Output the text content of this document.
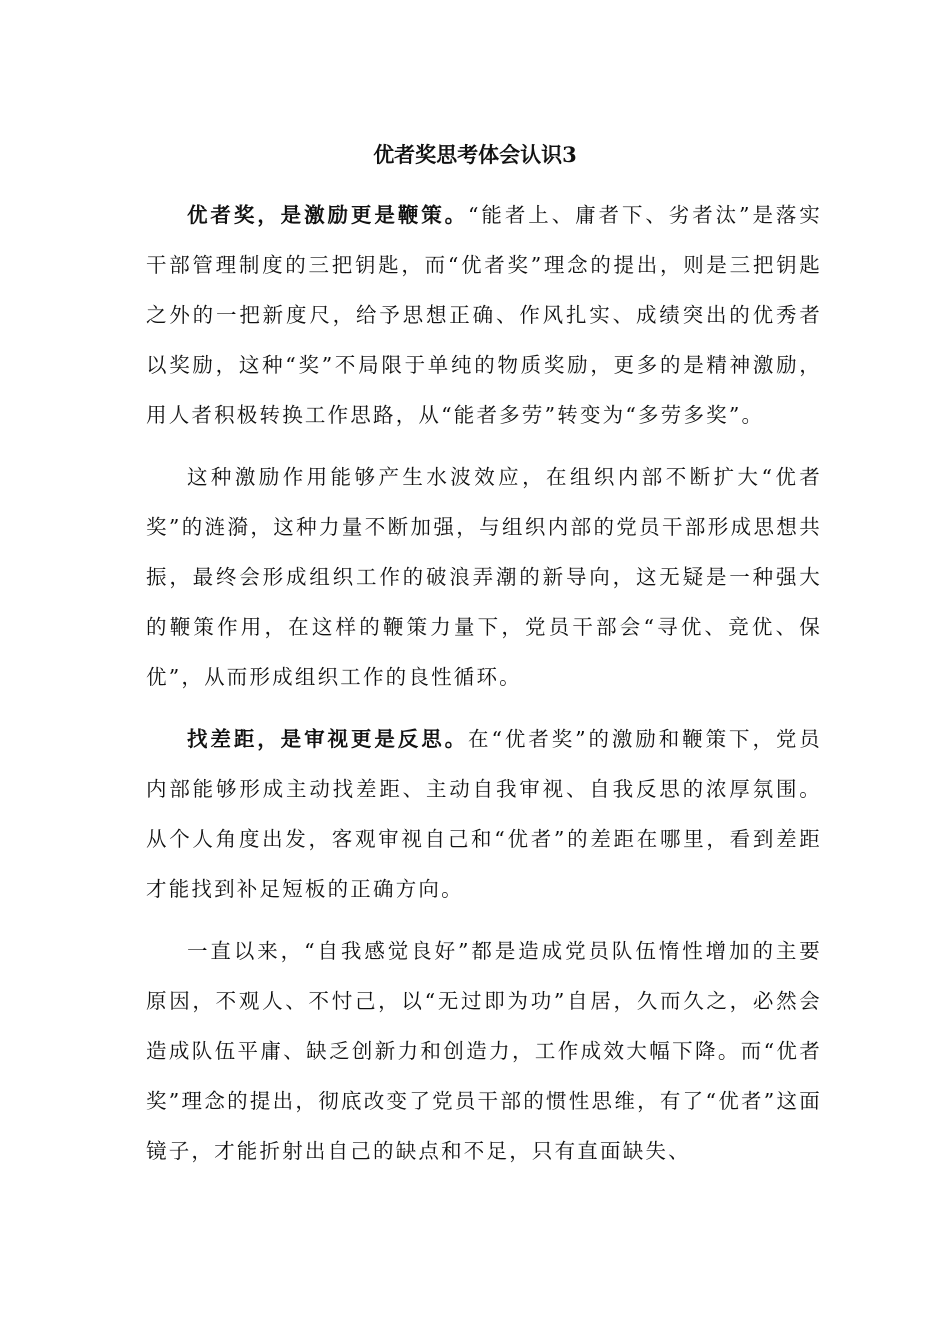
优者奖思考体会认识3

优者奖，是激励更是鞭策。“能者上、庸者下、劣者汰”是落实干部管理制度的三把钥匙，而“优者奖”理念的提出，则是三把钥匙之外的一把新度尺，给予思想正确、作风扎实、成绩突出的优秀者以奖励，这种“奖”不局限于单纯的物质奖励，更多的是精神激励，用人者积极转换工作思路，从“能者多劳”转变为“多劳多奖”。

这种激励作用能够产生水波效应，在组织内部不断扩大“优者奖”的涟漪，这种力量不断加强，与组织内部的党员干部形成思想共振，最终会形成组织工作的破浪弄潮的新导向，这无疑是一种强大的鞭策作用，在这样的鞭策力量下，党员干部会“寻优、竞优、保优”，从而形成组织工作的良性循环。

找差距，是审视更是反思。在“优者奖”的激励和鞭策下，党员内部能够形成主动找差距、主动自我审视、自我反思的浓厚氛围。从个人角度出发，客观审视自己和“优者”的差距在哪里，看到差距才能找到补足短板的正确方向。

一直以来，“自我感觉良好”都是造成党员队伍惰性增加的主要原因，不观人、不忖己，以“无过即为功”自居，久而久之，必然会造成队伍平庸、缺乏创新力和创造力，工作成效大幅下降。而“优者奖”理念的提出，彻底改变了党员干部的惯性思维，有了“优者”这面镜子，才能折射出自己的缺点和不足，只有直面缺失、
